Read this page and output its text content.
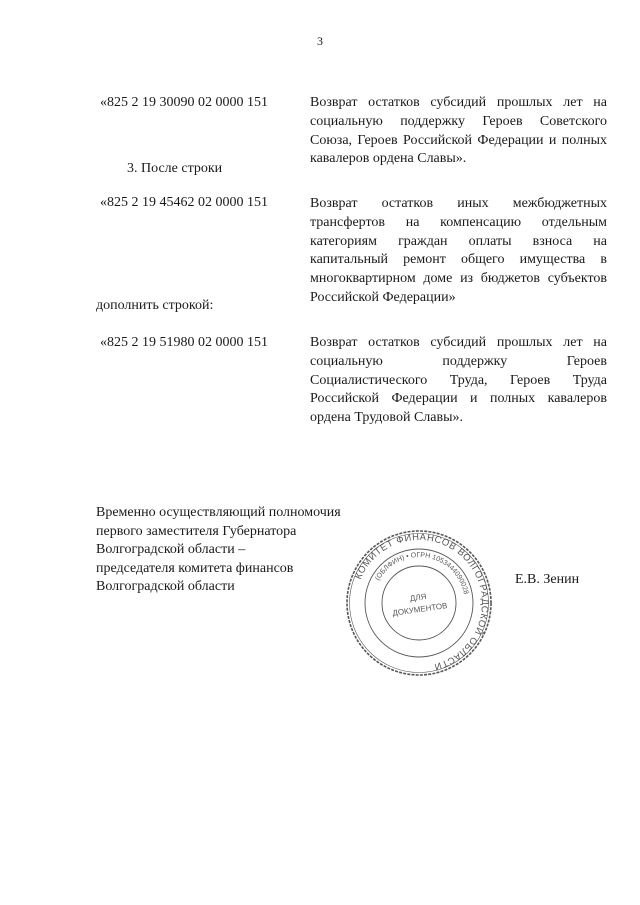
3
«825 2 19 30090 02 0000 151	Возврат остатков субсидий прошлых лет на социальную поддержку Героев Советского Союза, Героев Российской Федерации и полных кавалеров ордена Славы».
3. После строки
«825 2 19 45462 02 0000 151	Возврат остатков иных межбюджетных трансфертов на компенсацию отдельным категориям граждан оплаты взноса на капитальный ремонт общего имущества в многоквартирном доме из бюджетов субъектов Российской Федерации»
дополнить строкой:
«825 2 19 51980 02 0000 151	Возврат остатков субсидий прошлых лет на социальную поддержку Героев Социалистического Труда, Героев Труда Российской Федерации и полных кавалеров ордена Трудовой Славы».
Временно осуществляющий полномочия
первого заместителя Губернатора
Волгоградской области –
председателя комитета финансов
Волгоградской области	Е.В. Зенин
КОМИТЕТ ФИНАНСОВ ВОЛГОГРАДСКОЙ ОБЛАСТИ
(ОБЛФИН) • ОГРН 1053444090028
ДЛЯ
ДОКУМЕНТОВ
